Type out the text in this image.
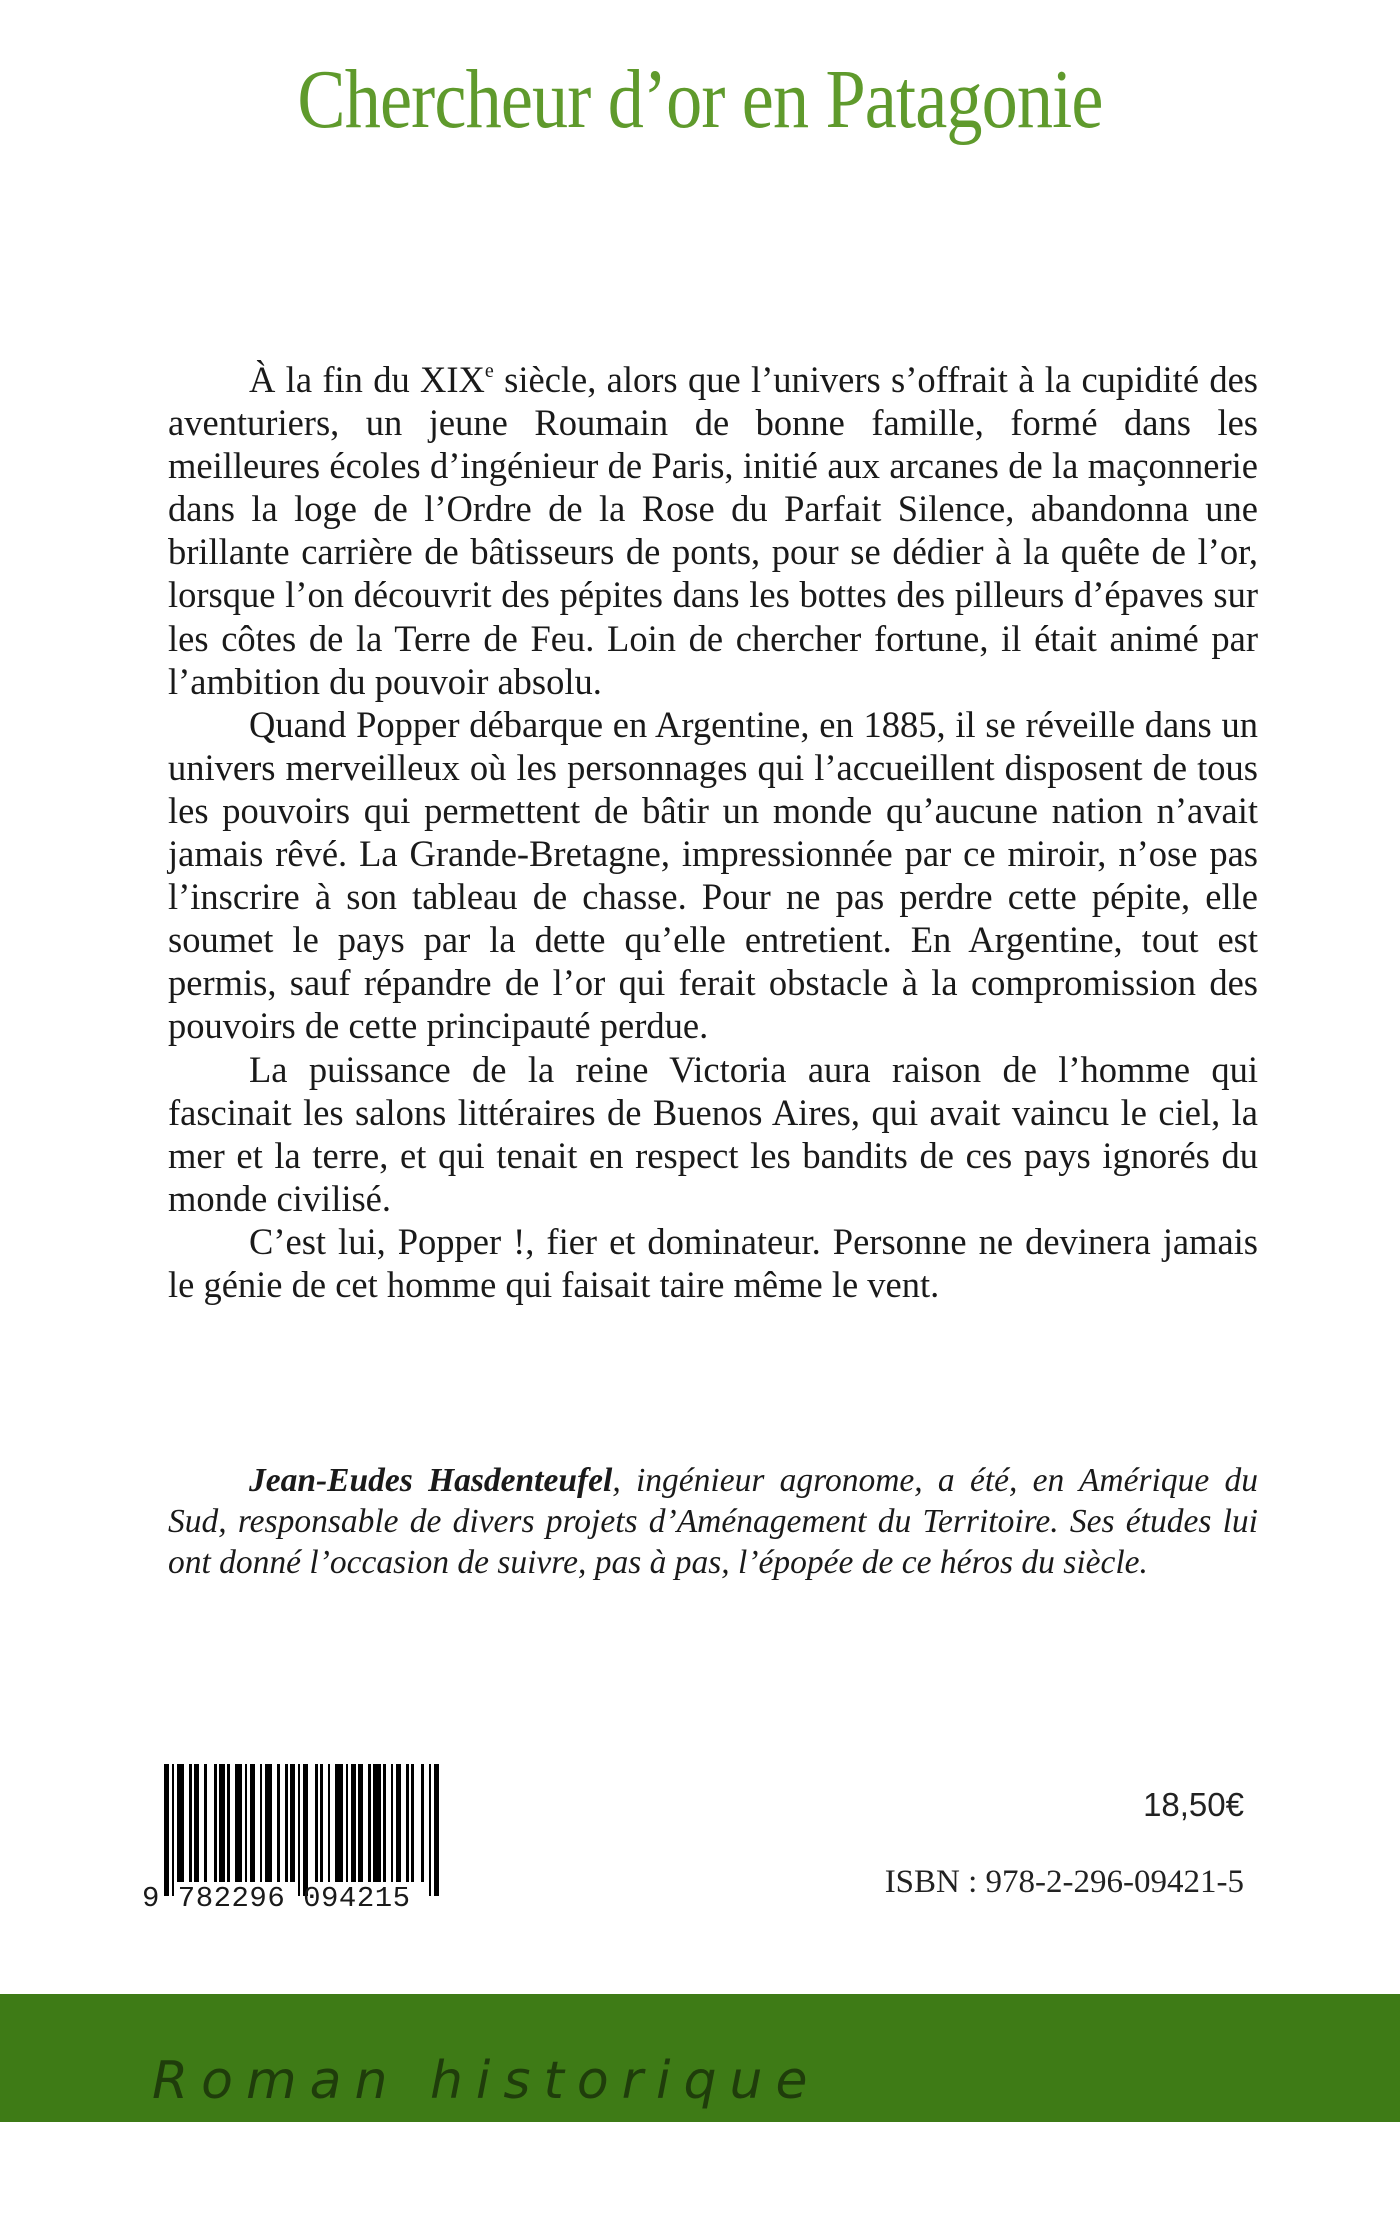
Chercheur d’or en Patagonie

À la fin du XIXe siècle, alors que l’univers s’offrait à la cupidité des aventuriers, un jeune Roumain de bonne famille, formé dans les meilleures écoles d’ingénieur de Paris, initié aux arcanes de la maçonnerie dans la loge de l’Ordre de la Rose du Parfait Silence, abandonna une brillante carrière de bâtisseurs de ponts, pour se dédier à la quête de l’or, lorsque l’on découvrit des pépites dans les bottes des pilleurs d’épaves sur les côtes de la Terre de Feu. Loin de chercher fortune, il était animé par l’ambition du pouvoir absolu.

Quand Popper débarque en Argentine, en 1885, il se réveille dans un univers merveilleux où les personnages qui l’accueillent disposent de tous les pouvoirs qui permettent de bâtir un monde qu’aucune nation n’avait jamais rêvé. La Grande-Bretagne, impressionnée par ce miroir, n’ose pas l’inscrire à son tableau de chasse. Pour ne pas perdre cette pépite, elle soumet le pays par la dette qu’elle entretient. En Argentine, tout est permis, sauf répandre de l’or qui ferait obstacle à la compromission des pouvoirs de cette principauté perdue.

La puissance de la reine Victoria aura raison de l’homme qui fascinait les salons littéraires de Buenos Aires, qui avait vaincu le ciel, la mer et la terre, et qui tenait en respect les bandits de ces pays ignorés du monde civilisé.

C’est lui, Popper !, fier et dominateur. Personne ne devinera jamais le génie de cet homme qui faisait taire même le vent.

Jean-Eudes Hasdenteufel, ingénieur agronome, a été, en Amérique du Sud, responsable de divers projets d’Aménagement du Territoire. Ses études lui ont donné l’occasion de suivre, pas à pas, l’épopée de ce héros du siècle.

9 782296 094215
18,50€
ISBN : 978-2-296-09421-5
Roman historique
